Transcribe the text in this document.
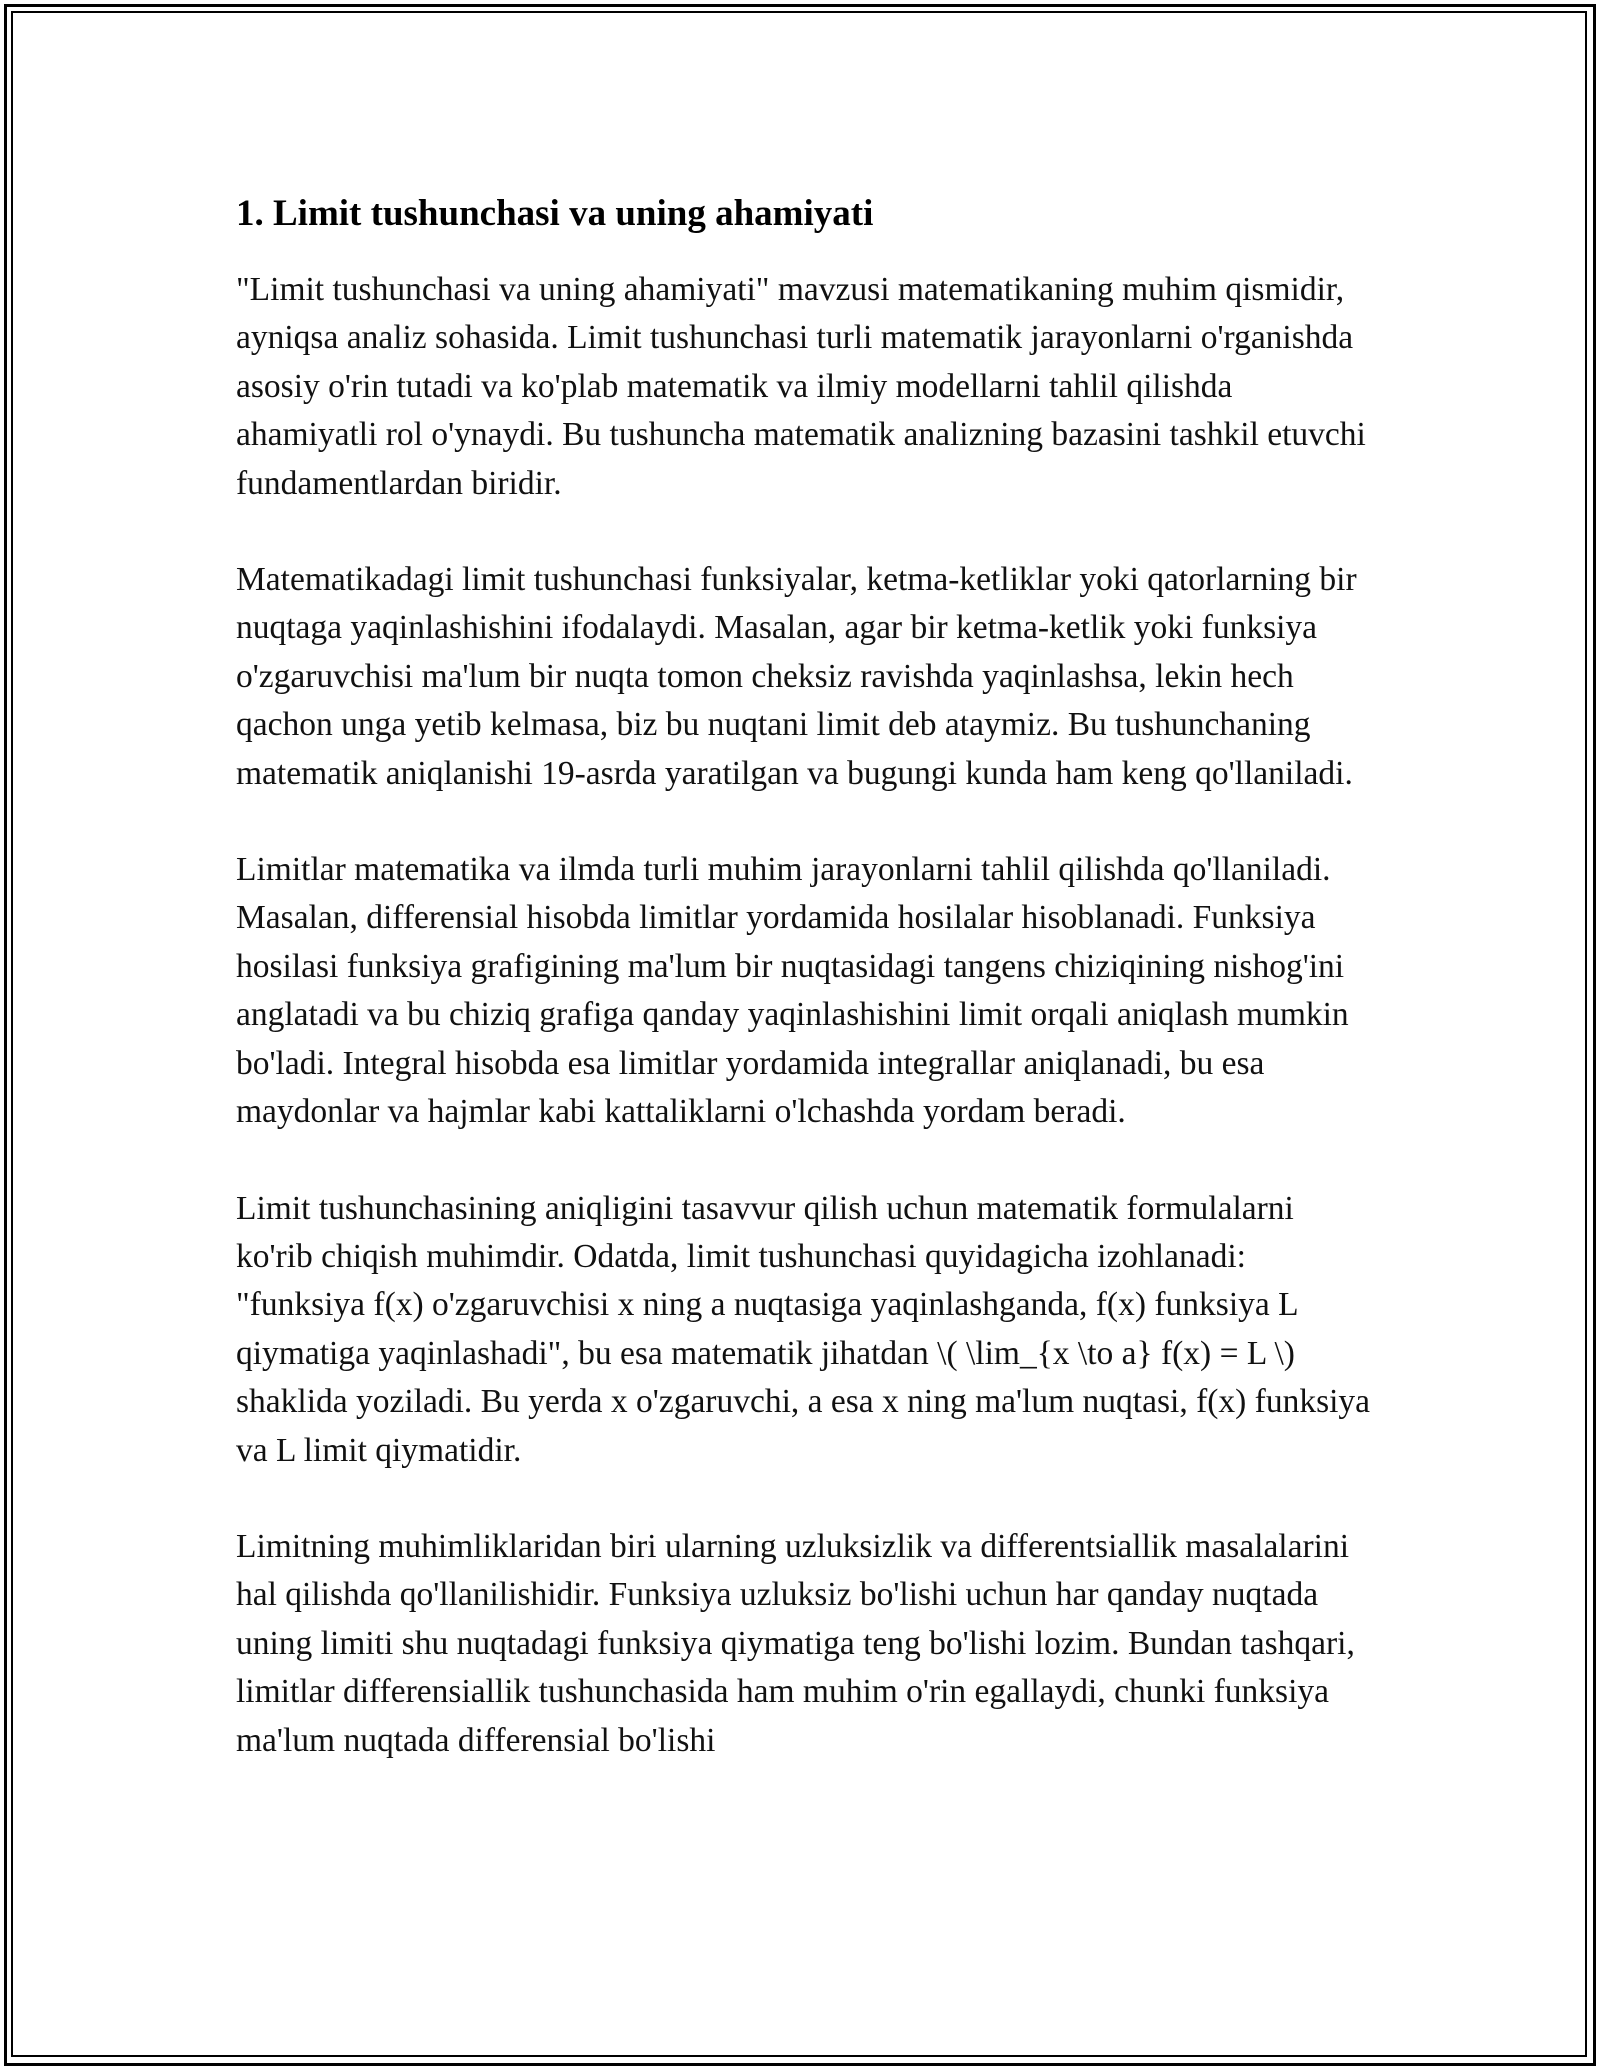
1. Limit tushunchasi va uning ahamiyati

"Limit tushunchasi va uning ahamiyati" mavzusi matematikaning muhim qismidir, ayniqsa analiz sohasida. Limit tushunchasi turli matematik jarayonlarni o'rganishda asosiy o'rin tutadi va ko'plab matematik va ilmiy modellarni tahlil qilishda ahamiyatli rol o'ynaydi. Bu tushuncha matematik analizning bazasini tashkil etuvchi fundamentlardan biridir.

Matematikadagi limit tushunchasi funksiyalar, ketma-ketliklar yoki qatorlarning bir nuqtaga yaqinlashishini ifodalaydi. Masalan, agar bir ketma-ketlik yoki funksiya o'zgaruvchisi ma'lum bir nuqta tomon cheksiz ravishda yaqinlashsa, lekin hech qachon unga yetib kelmasa, biz bu nuqtani limit deb ataymiz. Bu tushunchaning matematik aniqlanishi 19-asrda yaratilgan va bugungi kunda ham keng qo'llaniladi.

Limitlar matematika va ilmda turli muhim jarayonlarni tahlil qilishda qo'llaniladi. Masalan, differensial hisobda limitlar yordamida hosilalar hisoblanadi. Funksiya hosilasi funksiya grafigining ma'lum bir nuqtasidagi tangens chiziqining nishog'ini anglatadi va bu chiziq grafiga qanday yaqinlashishini limit orqali aniqlash mumkin bo'ladi. Integral hisobda esa limitlar yordamida integrallar aniqlanadi, bu esa maydonlar va hajmlar kabi kattaliklarni o'lchashda yordam beradi.

Limit tushunchasining aniqligini tasavvur qilish uchun matematik formulalarni ko'rib chiqish muhimdir. Odatda, limit tushunchasi quyidagicha izohlanadi: "funksiya f(x) o'zgaruvchisi x ning a nuqtasiga yaqinlashganda, f(x) funksiya L qiymatiga yaqinlashadi", bu esa matematik jihatdan \( \lim_{x \to a} f(x) = L \) shaklida yoziladi. Bu yerda x o'zgaruvchi, a esa x ning ma'lum nuqtasi, f(x) funksiya va L limit qiymatidir.

Limitning muhimliklaridan biri ularning uzluksizlik va differentsiallik masalalarini hal qilishda qo'llanilishidir. Funksiya uzluksiz bo'lishi uchun har qanday nuqtada uning limiti shu nuqtadagi funksiya qiymatiga teng bo'lishi lozim. Bundan tashqari, limitlar differensiallik tushunchasida ham muhim o'rin egallaydi, chunki funksiya ma'lum nuqtada differensial bo'lishi
